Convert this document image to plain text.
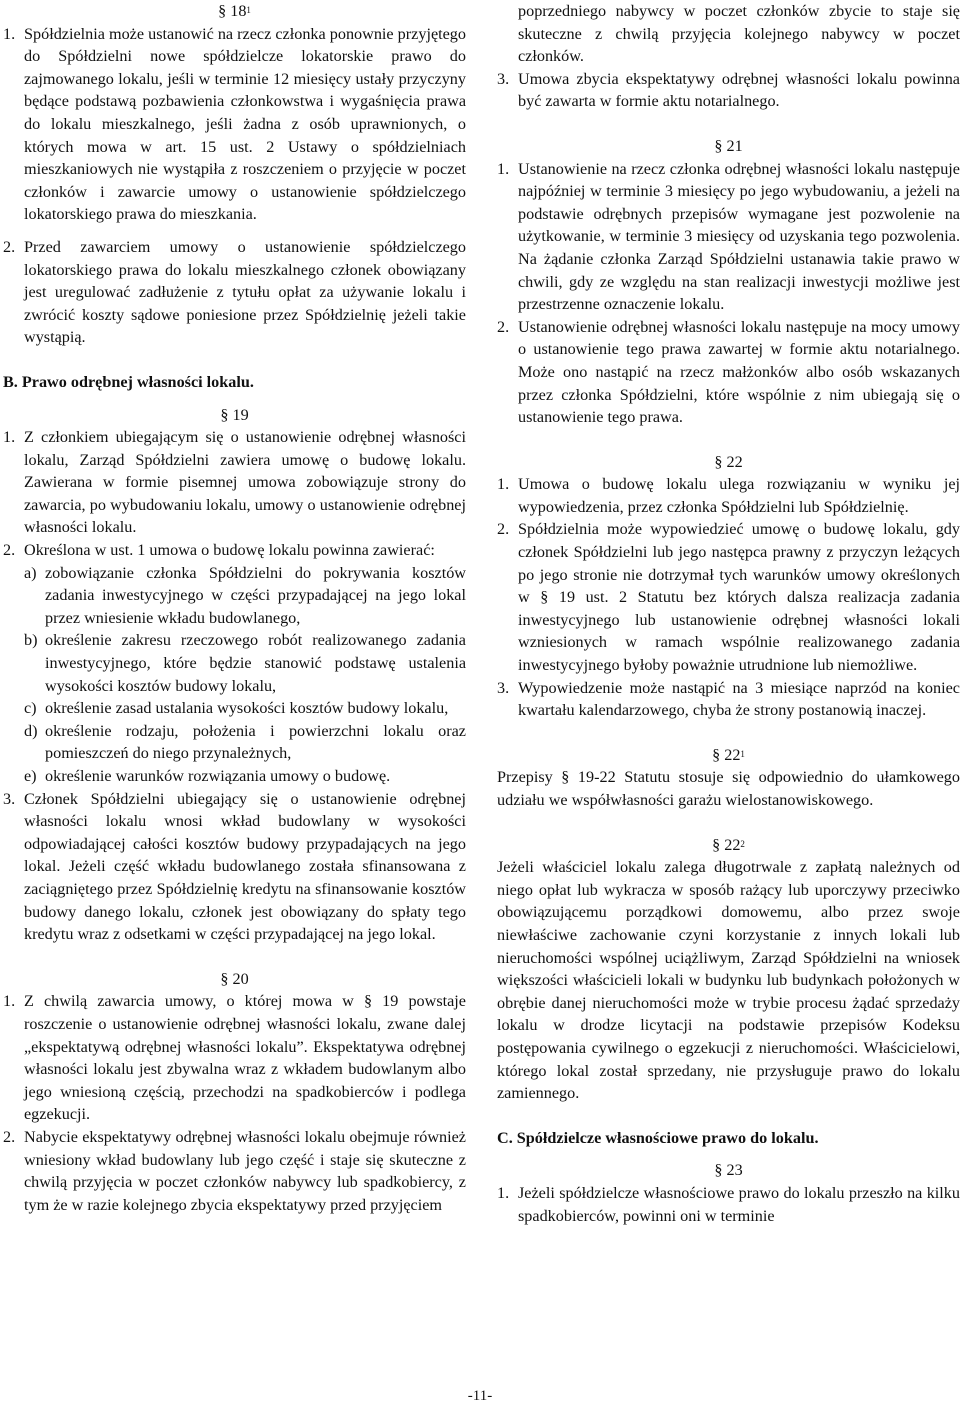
§ $18^1$

1. Spółdzielnia może ustanowić na rzecz członka ponownie przyjętego do Spółdzielni nowe spółdzielcze lokatorskie prawo do zajmowanego lokalu, jeśli w terminie 12 miesięcy ustały przyczyny będące podstawą pozbawienia członkowstwa i wygaśnięcia prawa do lokalu mieszkalnego, jeśli żadna z osób uprawnionych, o których mowa w art. 15 ust. 2 Ustawy o spółdzielniach mieszkaniowych nie wystąpiła z roszczeniem o przyjęcie w poczet członków i zawarcie umowy o ustanowienie spółdzielczego lokatorskiego prawa do mieszkania.
2. Przed zawarciem umowy o ustanowienie spółdzielczego lokatorskiego prawa do lokalu mieszkalnego członek obowiązany jest uregulować zadłużenie z tytułu opłat za używanie lokalu i zwrócić koszty sądowe poniesione przez Spółdzielnię jeżeli takie wystąpią.

B. Prawo odrębnej własności lokalu.

§ 19

1. Z członkiem ubiegającym się o ustanowienie odrębnej własności lokalu, Zarząd Spółdzielni zawiera umowę o budowę lokalu. Zawierana w formie pisemnej umowa zobowiązuje strony do zawarcia, po wybudowaniu lokalu, umowy o ustanowienie odrębnej własności lokalu.
2. Określona w ust. 1 umowa o budowę lokalu powinna zawierać:
a) zobowiązanie członka Spółdzielni do pokrywania kosztów zadania inwestycyjnego w części przypadającej na jego lokal przez wniesienie wkładu budowlanego,
b) określenie zakresu rzeczowego robót realizowanego zadania inwestycyjnego, które będzie stanowić podstawę ustalenia wysokości kosztów budowy lokalu,
c) określenie zasad ustalania wysokości kosztów budowy lokalu,
d) określenie rodzaju, położenia i powierzchni lokalu oraz pomieszczeń do niego przynależnych,
e) określenie warunków rozwiązania umowy o budowę.
3. Członek Spółdzielni ubiegający się o ustanowienie odrębnej własności lokalu wnosi wkład budowlany w wysokości odpowiadającej całości kosztów budowy przypadających na jego lokal. Jeżeli część wkładu budowlanego została sfinansowana z zaciągniętego przez Spółdzielnię kredytu na sfinansowanie kosztów budowy danego lokalu, członek jest obowiązany do spłaty tego kredytu wraz z odsetkami w części przypadającej na jego lokal.

§ 20

1. Z chwilą zawarcia umowy, o której mowa w § 19 powstaje roszczenie o ustanowienie odrębnej własności lokalu, zwane dalej „ekspektatywą odrębnej własności lokalu”. Ekspektatywa odrębnej własności lokalu jest zbywalna wraz z wkładem budowlanym albo jego wniesioną częścią, przechodzi na spadkobierców i podlega egzekucji.
2. Nabycie ekspektatywy odrębnej własności lokalu obejmuje również wniesiony wkład budowlany lub jego część i staje się skuteczne z chwilą przyjęcia w poczet członków nabywcy lub spadkobiercy, z tym że w razie kolejnego zbycia ekspektatywy przed przyjęciem
poprzedniego nabywcy w poczet członków zbycie to staje się skuteczne z chwilą przyjęcia kolejnego nabywcy w poczet członków.
3. Umowa zbycia ekspektatywy odrębnej własności lokalu powinna być zawarta w formie aktu notarialnego.

§ 21

1. Ustanowienie na rzecz członka odrębnej własności lokalu następuje najpóźniej w terminie 3 miesięcy po jego wybudowaniu, a jeżeli na podstawie odrębnych przepisów wymagane jest pozwolenie na użytkowanie, w terminie 3 miesięcy od uzyskania tego pozwolenia. Na żądanie członka Zarząd Spółdzielni ustanawia takie prawo w chwili, gdy ze względu na stan realizacji inwestycji możliwe jest przestrzenne oznaczenie lokalu.
2. Ustanowienie odrębnej własności lokalu następuje na mocy umowy o ustanowienie tego prawa zawartej w formie aktu notarialnego. Może ono nastąpić na rzecz małżonków albo osób wskazanych przez członka Spółdzielni, które wspólnie z nim ubiegają się o ustanowienie tego prawa.

§ 22

1. Umowa o budowę lokalu ulega rozwiązaniu w wyniku jej wypowiedzenia, przez członka Spółdzielni lub Spółdzielnię.
2. Spółdzielnia może wypowiedzieć umowę o budowę lokalu, gdy członek Spółdzielni lub jego następca prawny z przyczyn leżących po jego stronie nie dotrzymał tych warunków umowy określonych w § 19 ust. 2 Statutu bez których dalsza realizacja zadania inwestycyjnego lub ustanowienie odrębnej własności lokali wzniesionych w ramach wspólnie realizowanego zadania inwestycyjnego byłoby poważnie utrudnione lub niemożliwe.
3. Wypowiedzenie może nastąpić na 3 miesiące naprzód na koniec kwartału kalendarzowego, chyba że strony postanowią inaczej.

§ $22^1$

Przepisy § 19-22 Statutu stosuje się odpowiednio do ułamkowego udziału we współwłasności garażu wielostanowiskowego.

§ $22^2$

Jeżeli właściciel lokalu zalega długotrwale z zapłatą należnych od niego opłat lub wykracza w sposób rażący lub uporczywy przeciwko obowiązującemu porządkowi domowemu, albo przez swoje niewłaściwe zachowanie czyni korzystanie z innych lokali lub nieruchomości wspólnej uciążliwym, Zarząd Spółdzielni na wniosek większości właścicieli lokali w budynku lub budynkach położonych w obrębie danej nieruchomości może w trybie procesu żądać sprzedaży lokalu w drodze licytacji na podstawie przepisów Kodeksu postępowania cywilnego o egzekucji z nieruchomości. Właścicielowi, którego lokal został sprzedany, nie przysługuje prawo do lokalu zamiennego.

C. Spółdzielcze własnościowe prawo do lokalu.

§ 23

1. Jeżeli spółdzielcze własnościowe prawo do lokalu przeszło na kilku spadkobierców, powinni oni w terminie
-11-
